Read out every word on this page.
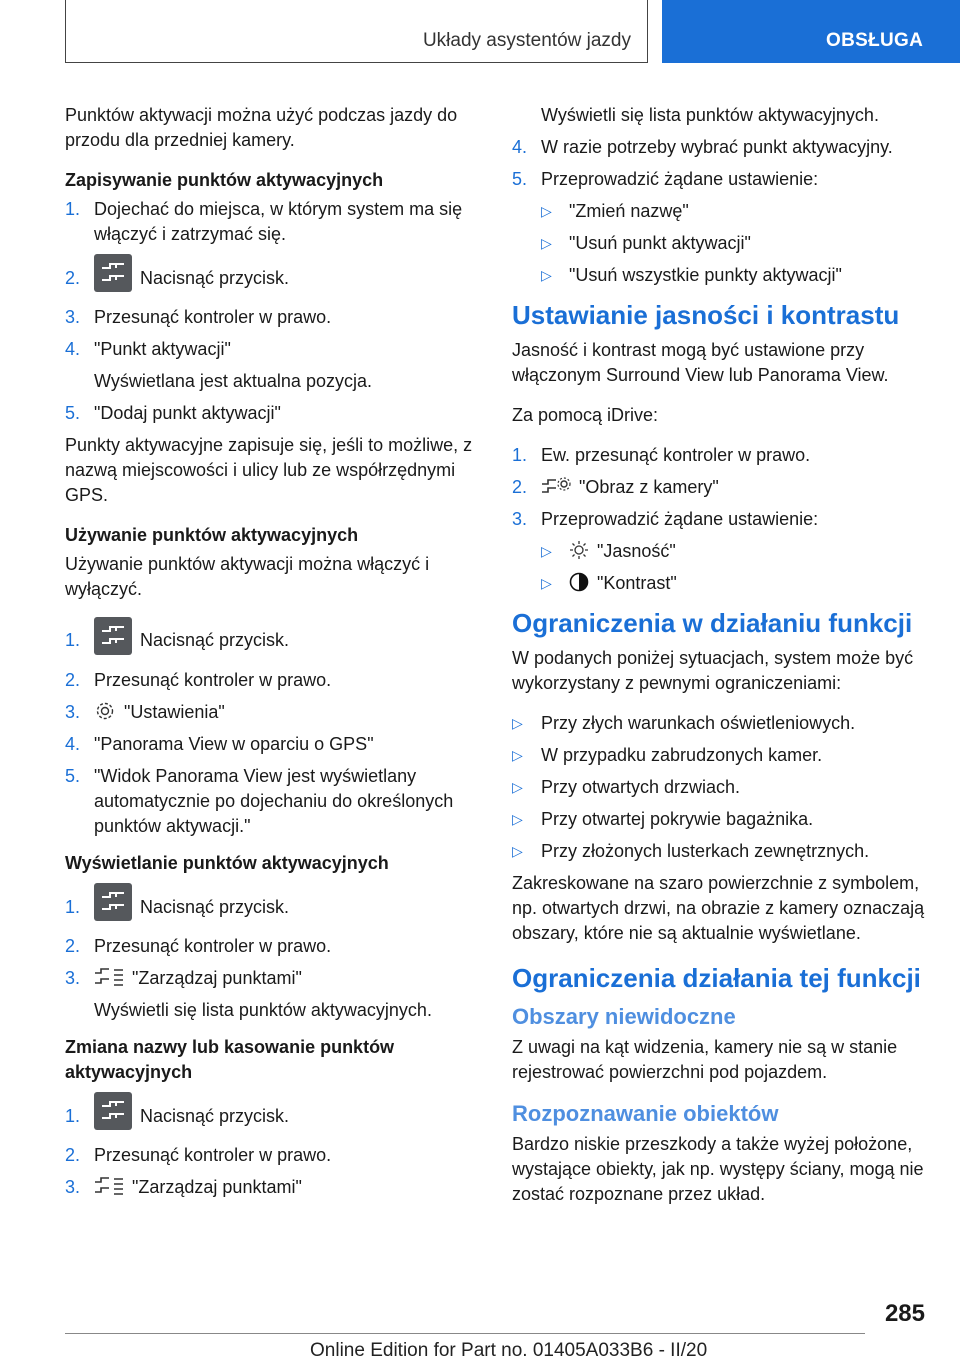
Układy asystentów jazdy	OBSŁUGA

Punktów aktywacji można użyć podczas jazdy do przodu dla przedniej kamery.

Zapisywanie punktów aktywacyjnych

1. Dojechać do miejsca, w którym system ma się włączyć i zatrzymać się.
2.	Nacisnąć przycisk.
3. Przesunąć kontroler w prawo.
4. "Punkt aktywacji"

Wyświetlana jest aktualna pozycja.

5. "Dodaj punkt aktywacji"

Punkty aktywacyjne zapisuje się, jeśli to możliwe, z nazwą miejscowości i ulicy lub ze współrzędnymi GPS.

Używanie punktów aktywacyjnych

Używanie punktów aktywacji można włączyć i wyłączyć.

1.	Nacisnąć przycisk.
2. Przesunąć kontroler w prawo.
3. "Ustawienia"
4. "Panorama View w oparciu o GPS"
5. "Widok Panorama View jest wyświetlany automatycznie po dojechaniu do określonych punktów aktywacji."

Wyświetlanie punktów aktywacyjnych

1.	Nacisnąć przycisk.
2. Przesunąć kontroler w prawo.
3.	"Zarządzaj punktami"

Wyświetli się lista punktów aktywacyjnych.

Zmiana nazwy lub kasowanie punktów aktywacyjnych

1.	Nacisnąć przycisk.
2. Przesunąć kontroler w prawo.
3.	"Zarządzaj punktami"

Wyświetli się lista punktów aktywacyjnych.

4. W razie potrzeby wybrać punkt aktywacyjny.
5. Przeprowadzić żądane ustawienie:
▷ "Zmień nazwę"
▷ "Usuń punkt aktywacji"
▷ "Usuń wszystkie punkty aktywacji"
Ustawianie jasności i kontrastu

Jasność i kontrast mogą być ustawione przy włączonym Surround View lub Panorama View.

Za pomocą iDrive:

1. Ew. przesunąć kontroler w prawo.
2.	"Obraz z kamery"
3. Przeprowadzić żądane ustawienie:
▷	"Jasność"
▷	"Kontrast"
Ograniczenia w działaniu funkcji

W podanych poniżej sytuacjach, system może być wykorzystany z pewnymi ograniczeniami:

▷ Przy złych warunkach oświetleniowych.
▷ W przypadku zabrudzonych kamer.
▷ Przy otwartych drzwiach.
▷ Przy otwartej pokrywie bagażnika.
▷ Przy złożonych lusterkach zewnętrznych.

Zakreskowane na szaro powierzchnie z symbolem, np. otwartych drzwi, na obrazie z kamery oznaczają obszary, które nie są aktualnie wyświetlane.

Ograniczenia działania tej funkcji
Obszary niewidoczne

Z uwagi na kąt widzenia, kamery nie są w stanie rejestrować powierzchni pod pojazdem.

Rozpoznawanie obiektów

Bardzo niskie przeszkody a także wyżej położone, wystające obiekty, jak np. występy ściany, mogą nie zostać rozpoznane przez układ.

285
Online Edition for Part no. 01405A033B6 - II/20
